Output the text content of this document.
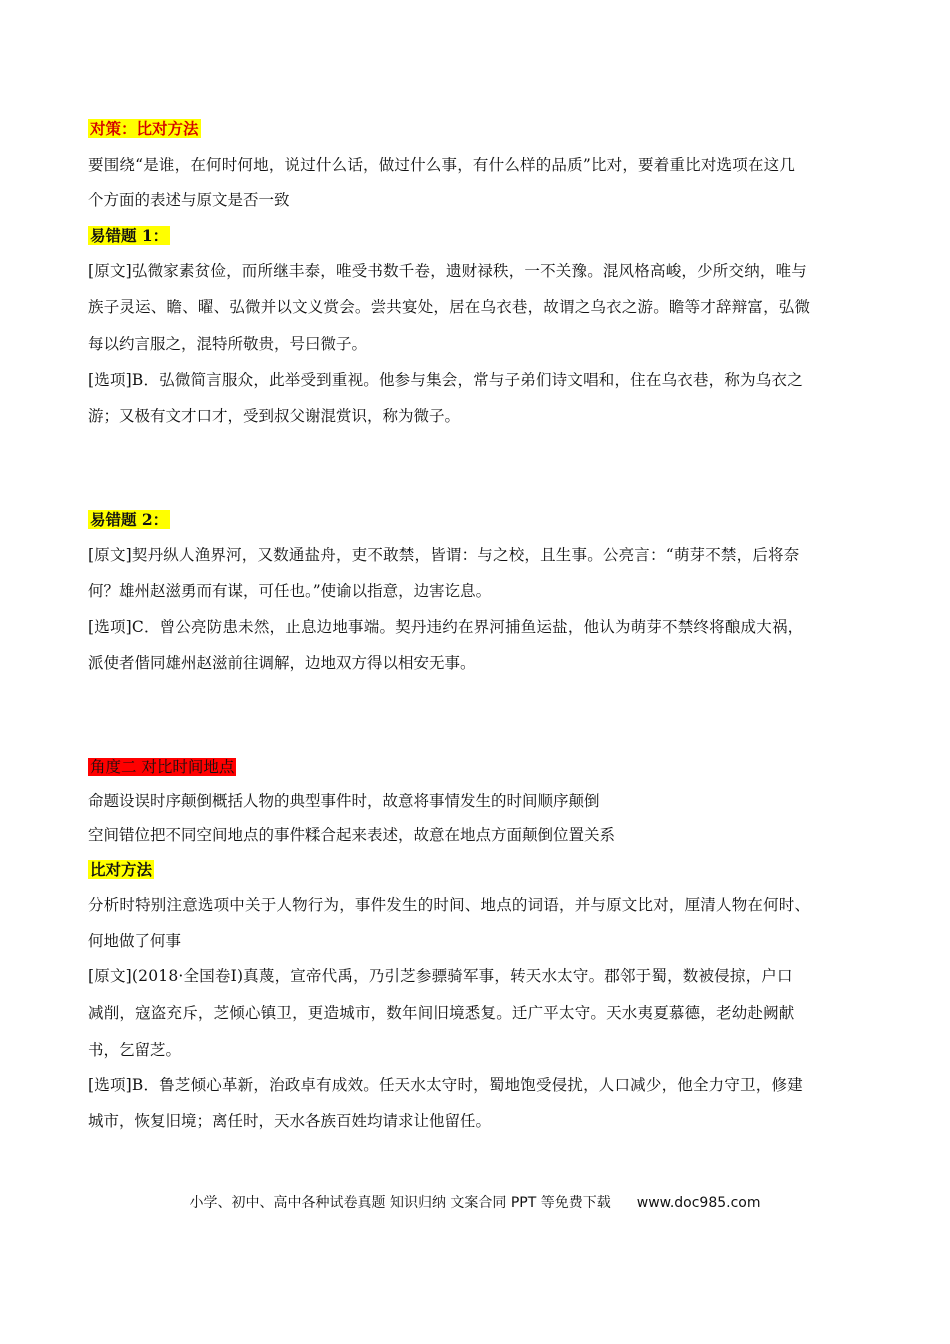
对策：比对方法
要围绕“是谁，在何时何地，说过什么话，做过什么事，有什么样的品质”比对，要着重比对选项在这几
个方面的表述与原文是否一致
易错题 1：
[原文]弘微家素贫俭，而所继丰泰，唯受书数千卷，遗财禄秩，一不关豫。混风格高峻，少所交纳，唯与
族子灵运、瞻、曜、弘微并以文义赏会。尝共宴处，居在乌衣巷，故谓之乌衣之游。瞻等才辞辩富，弘微
每以约言服之，混特所敬贵，号曰微子。
[选项]B．弘微简言服众，此举受到重视。他参与集会，常与子弟们诗文唱和，住在乌衣巷，称为乌衣之
游；又极有文才口才，受到叔父谢混赏识，称为微子。
易错题 2：
[原文]契丹纵人渔界河，又数通盐舟，吏不敢禁，皆谓：与之校，且生事。公亮言：“萌芽不禁，后将奈
何？雄州赵滋勇而有谋，可任也。”使谕以指意，边害讫息。
[选项]C．曾公亮防患未然，止息边地事端。契丹违约在界河捕鱼运盐，他认为萌芽不禁终将酿成大祸，
派使者偕同雄州赵滋前往调解，边地双方得以相安无事。
角度二 对比时间地点
命题设误时序颠倒概括人物的典型事件时，故意将事情发生的时间顺序颠倒
空间错位把不同空间地点的事件糅合起来表述，故意在地点方面颠倒位置关系
比对方法
分析时特别注意选项中关于人物行为，事件发生的时间、地点的词语，并与原文比对，厘清人物在何时、
何地做了何事
[原文](2018·全国卷Ⅰ)真蔑，宣帝代禹，乃引芝参骠骑军事，转天水太守。郡邻于蜀，数被侵掠，户口
减削，寇盗充斥，芝倾心镇卫，更造城市，数年间旧境悉复。迁广平太守。天水夷夏慕德，老幼赴阙献
书，乞留芝。
[选项]B．鲁芝倾心革新，治政卓有成效。任天水太守时，蜀地饱受侵扰，人口减少，他全力守卫，修建
城市，恢复旧境；离任时，天水各族百姓均请求让他留任。
小学、初中、高中各种试卷真题 知识归纳 文案合同 PPT 等免费下载 www.doc985.com
